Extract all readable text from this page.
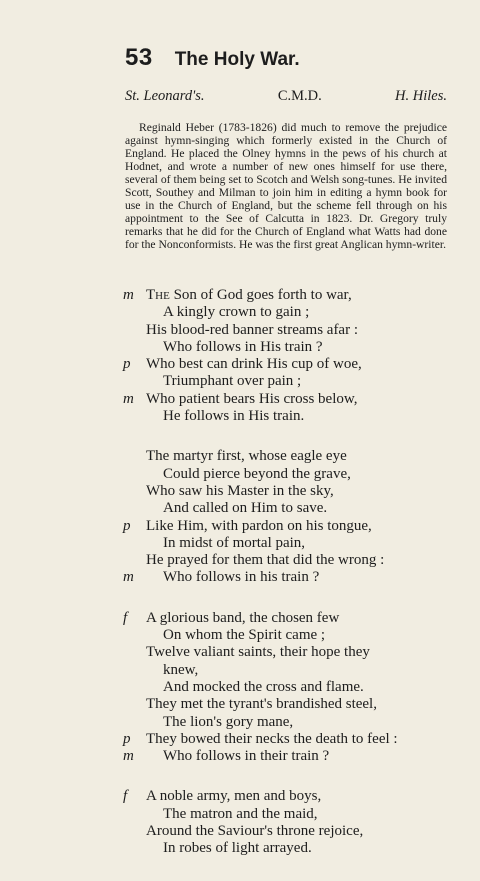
53 The Holy War.
St. Leonard's.	C.M.D.	H. Hiles.

Reginald Heber (1783-1826) did much to remove the prejudice against hymn-singing which formerly existed in the Church of England. He placed the Olney hymns in the pews of his church at Hodnet, and wrote a number of new ones himself for use there, several of them being set to Scotch and Welsh song-tunes. He invited Scott, Southey and Milman to join him in editing a hymn book for use in the Church of England, but the scheme fell through on his appointment to the See of Calcutta in 1823. Dr. Gregory truly remarks that he did for the Church of England what Watts had done for the Nonconformists. He was the first great Anglican hymn-writer.

m The Son of God goes forth to war,
A kingly crown to gain ;
His blood-red banner streams afar :
Who follows in His train ?
p Who best can drink His cup of woe,
Triumphant over pain ;
m Who patient bears His cross below,
He follows in His train.
The martyr first, whose eagle eye
Could pierce beyond the grave,
Who saw his Master in the sky,
And called on Him to save.
p Like Him, with pardon on his tongue,
In midst of mortal pain,
He prayed for them that did the wrong :
m Who follows in his train ?
f A glorious band, the chosen few
On whom the Spirit came ;
Twelve valiant saints, their hope they
knew,
And mocked the cross and flame.
They met the tyrant's brandished steel,
The lion's gory mane,
p They bowed their necks the death to feel :
m Who follows in their train ?
f A noble army, men and boys,
The matron and the maid,
Around the Saviour's throne rejoice,
In robes of light arrayed.
